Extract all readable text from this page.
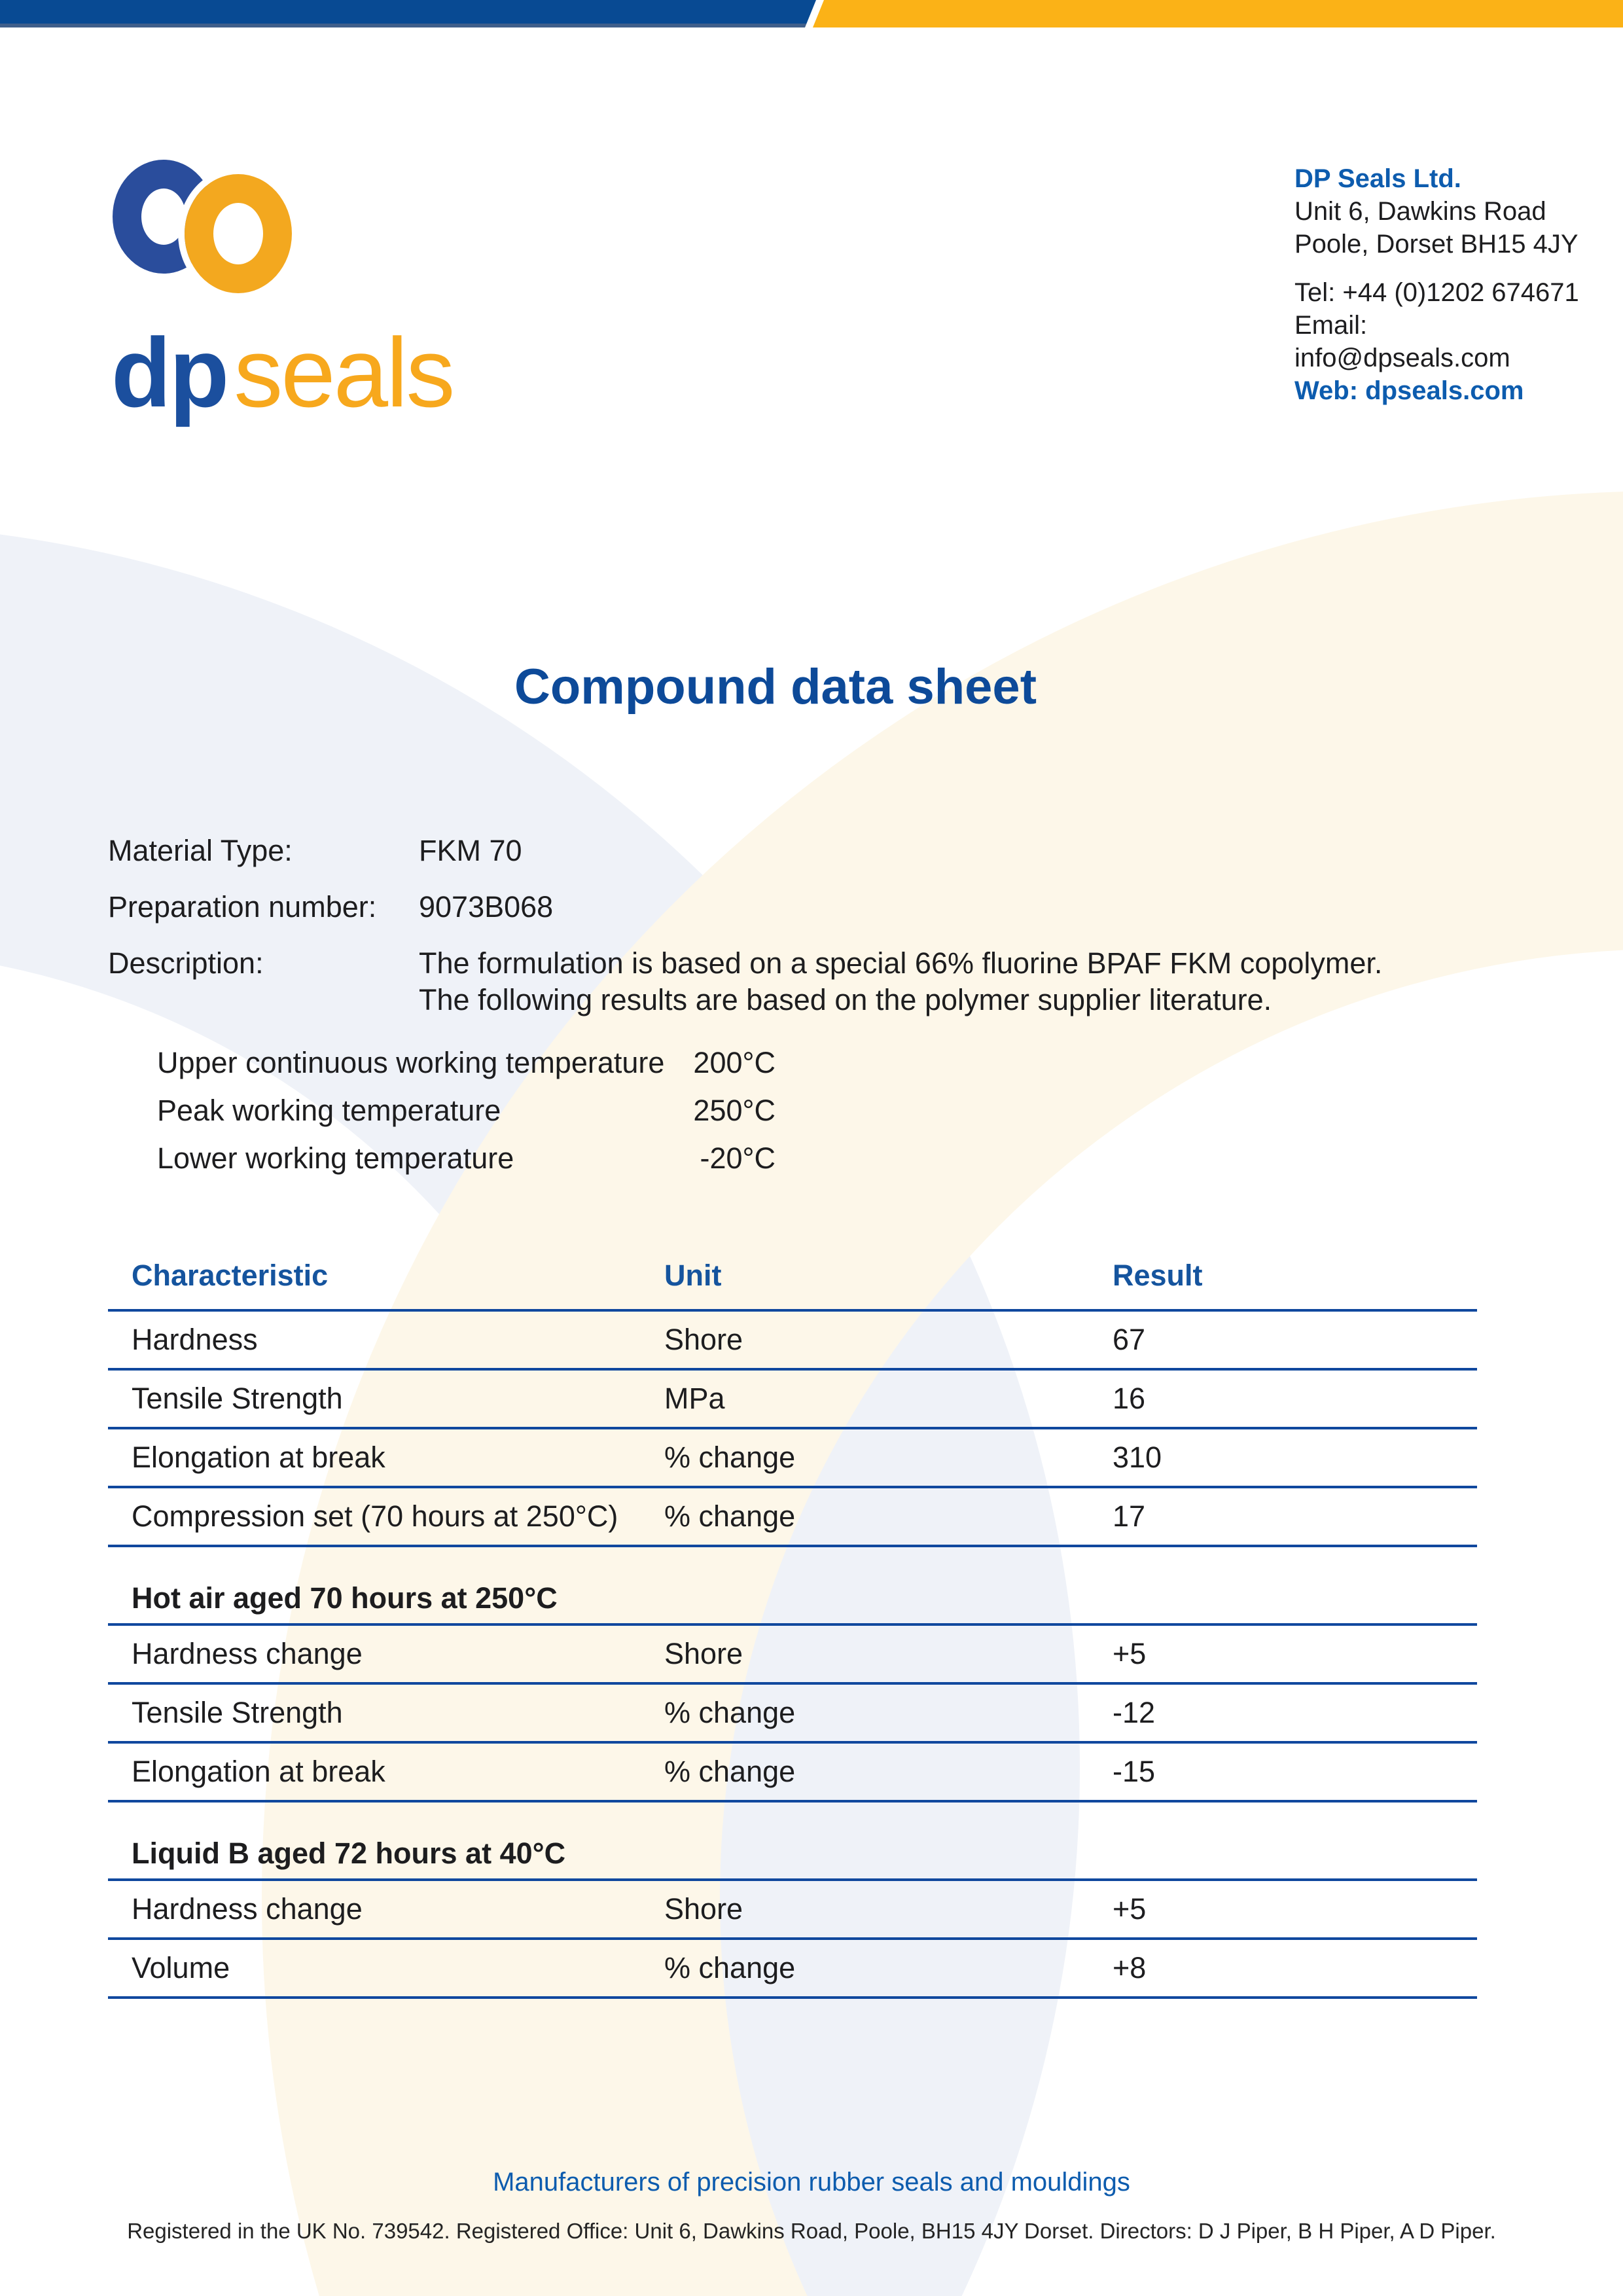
dpseals
DP Seals Ltd.
Unit 6, Dawkins Road
Poole, Dorset BH15 4JY
Tel: +44 (0)1202 674671
Email: info@dpseals.com
Web: dpseals.com
Compound data sheet
Material Type:	FKM 70
Preparation number:	9073B068
Description:	The formulation is based on a special 66% fluorine BPAF FKM copolymer.
The following results are based on the polymer supplier literature.
Upper continuous working temperature 200°C
Peak working temperature	250°C
Lower working temperature	-20°C
Characteristic	Unit	Result
Hardness	Shore	67
Tensile Strength	MPa	16
Elongation at break	% change	310
Compression set (70 hours at 250°C)	% change	17
Hot air aged 70 hours at 250°C
Hardness change	Shore	+5
Tensile Strength	% change	-12
Elongation at break	% change	-15
Liquid B aged 72 hours at 40°C
Hardness change	Shore	+5
Volume	% change	+8
Manufacturers of precision rubber seals and mouldings
Registered in the UK No. 739542. Registered Office: Unit 6, Dawkins Road, Poole, BH15 4JY Dorset. Directors: D J Piper, B H Piper, A D Piper.
